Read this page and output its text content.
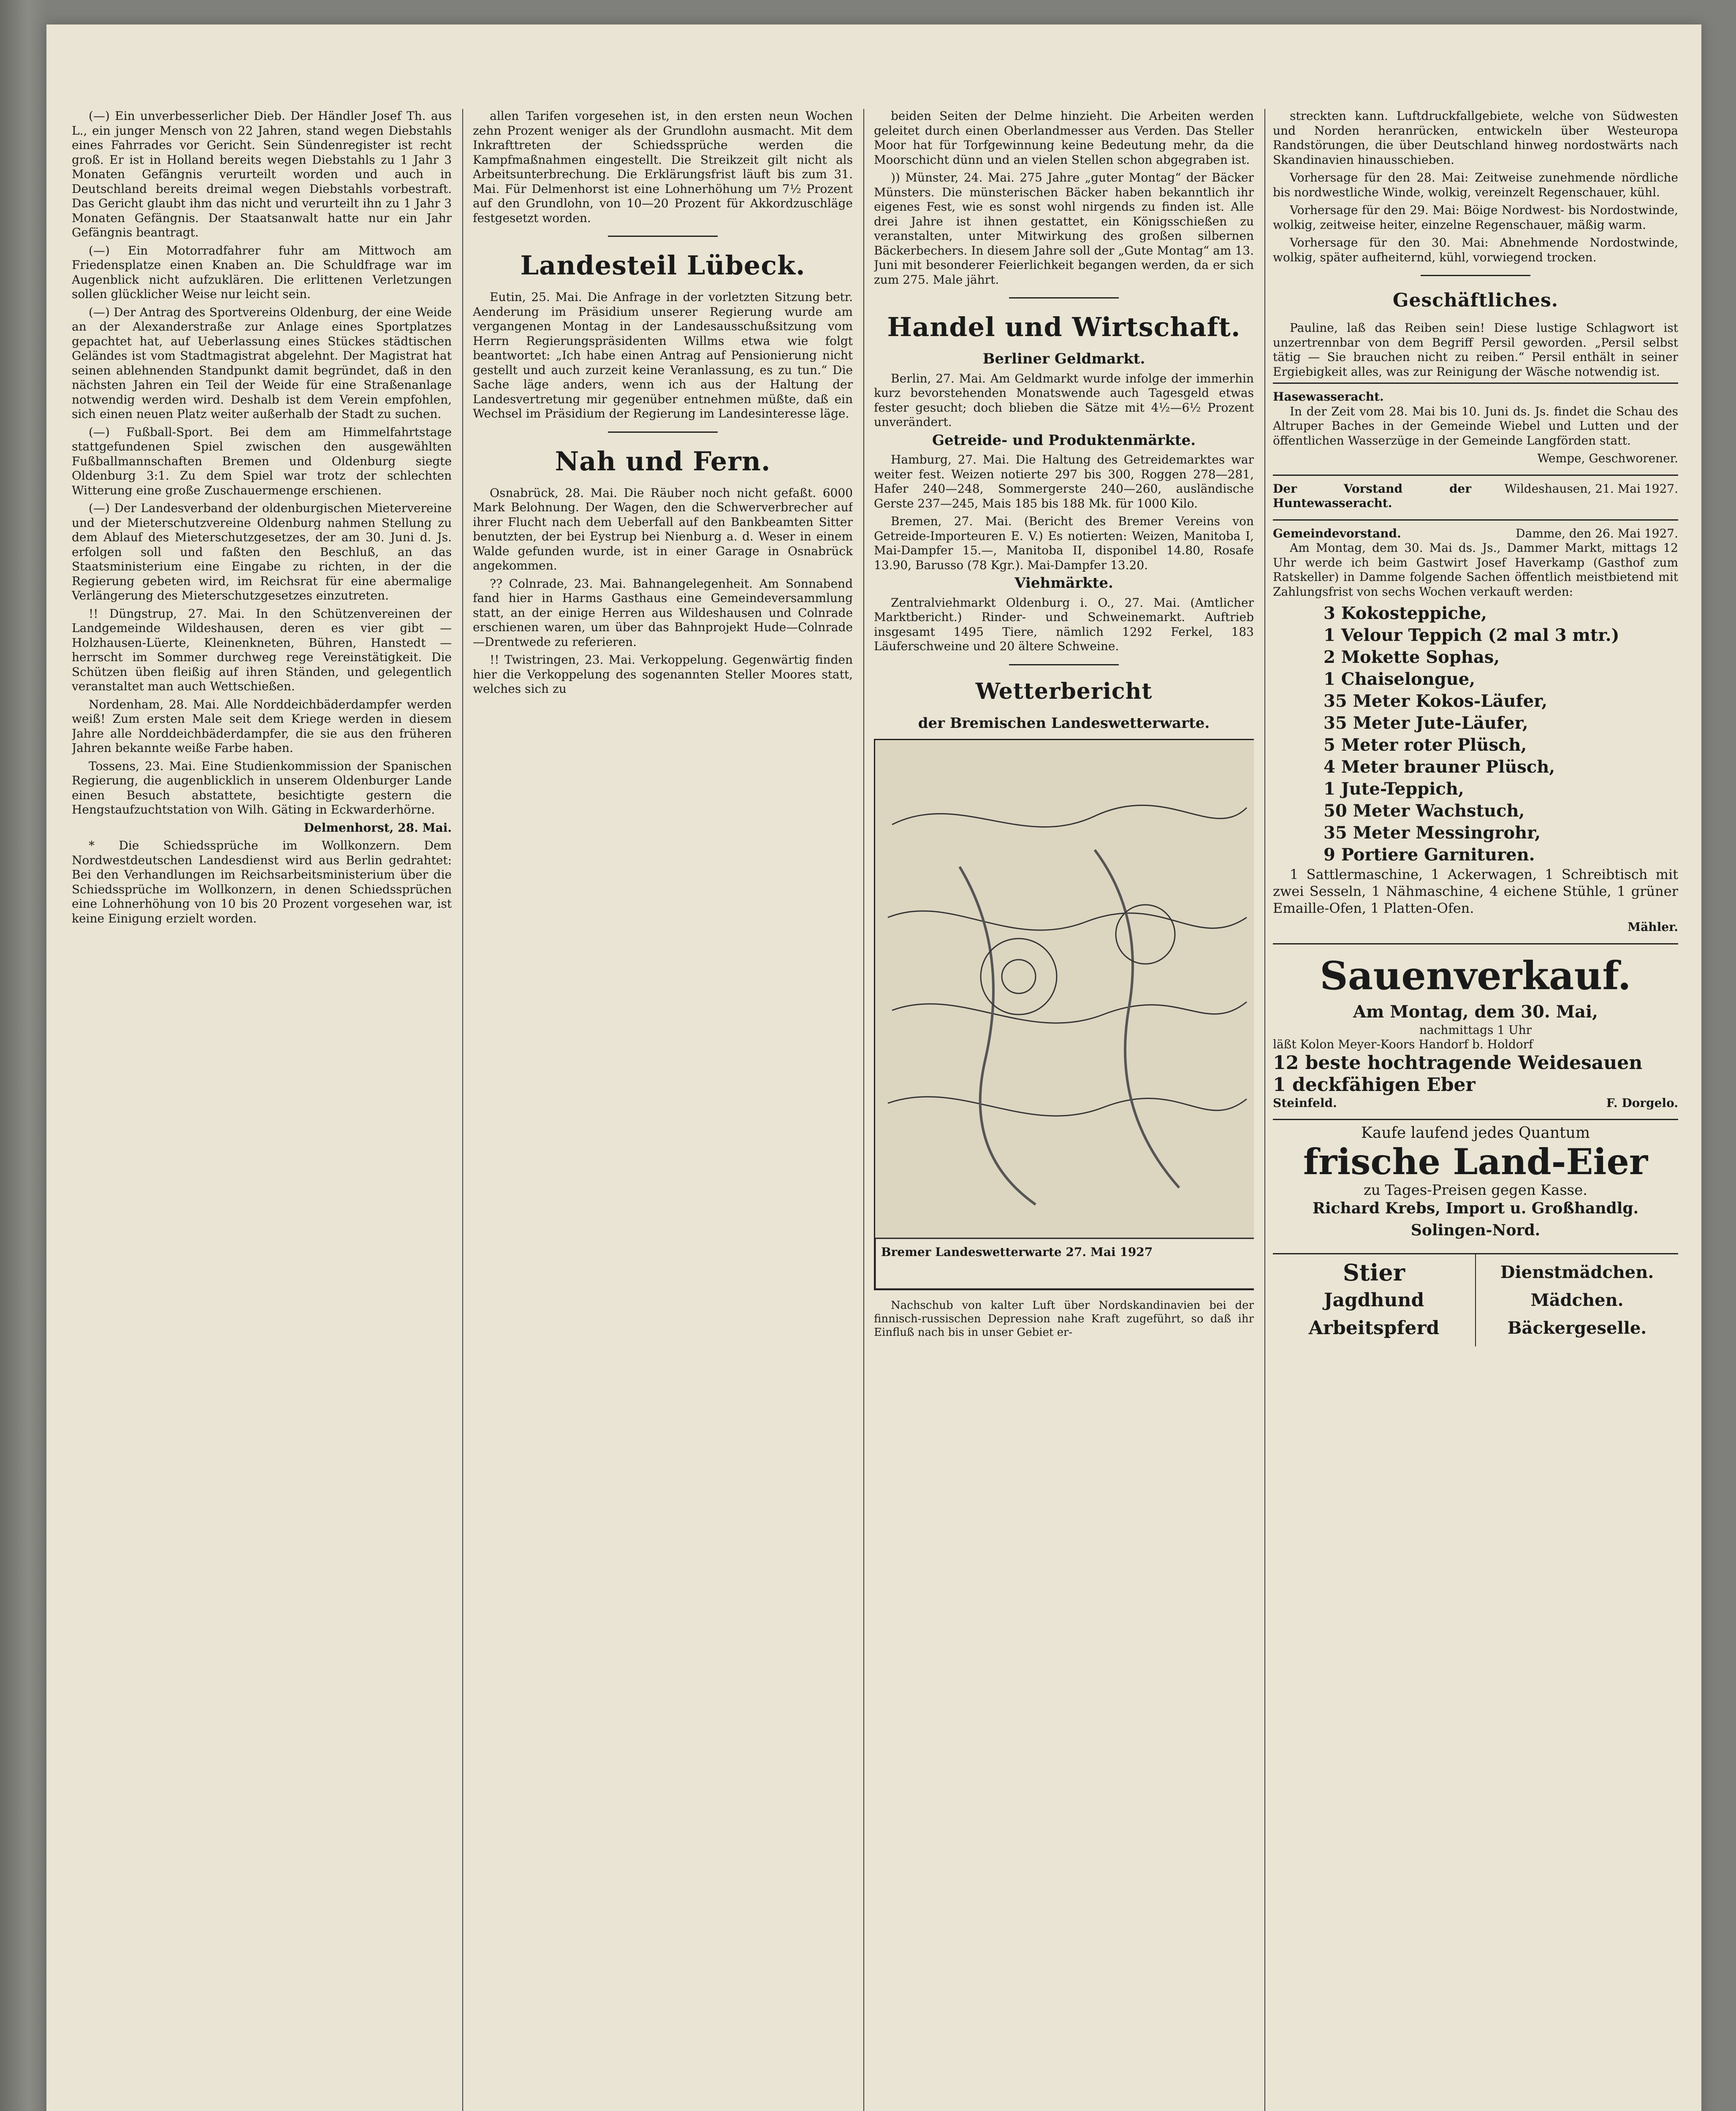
(—) Ein unverbesserlicher Dieb. Der Händler Josef Th. aus L., ein junger Mensch von 22 Jahren, stand wegen Diebstahls eines Fahrrades vor Gericht. Sein Sündenregister ist recht groß. Er ist in Holland bereits wegen Diebstahls zu 1 Jahr 3 Monaten Gefängnis verurteilt worden und auch in Deutschland bereits dreimal wegen Diebstahls vorbestraft. Das Gericht glaubt ihm das nicht und verurteilt ihn zu 1 Jahr 3 Monaten Gefängnis. Der Staatsanwalt hatte nur ein Jahr Gefängnis beantragt.

(—) Ein Motorradfahrer fuhr am Mittwoch am Friedensplatze einen Knaben an. Die Schuldfrage war im Augenblick nicht aufzuklären. Die erlittenen Verletzungen sollen glücklicher Weise nur leicht sein.

(—) Der Antrag des Sportvereins Oldenburg, der eine Weide an der Alexanderstraße zur Anlage eines Sportplatzes gepachtet hat, auf Ueberlassung eines Stückes städtischen Geländes ist vom Stadtmagistrat abgelehnt. Der Magistrat hat seinen ablehnenden Standpunkt damit begründet, daß in den nächsten Jahren ein Teil der Weide für eine Straßenanlage notwendig werden wird. Deshalb ist dem Verein empfohlen, sich einen neuen Platz weiter außerhalb der Stadt zu suchen.

(—) Fußball-Sport. Bei dem am Himmelfahrtstage stattgefundenen Spiel zwischen den ausgewählten Fußballmannschaften Bremen und Oldenburg siegte Oldenburg 3:1. Zu dem Spiel war trotz der schlechten Witterung eine große Zuschauermenge erschienen.

(—) Der Landesverband der oldenburgischen Mietervereine und der Mieterschutzvereine Oldenburg nahmen Stellung zu dem Ablauf des Mieterschutzgesetzes, der am 30. Juni d. Js. erfolgen soll und faßten den Beschluß, an das Staatsministerium eine Eingabe zu richten, in der die Regierung gebeten wird, im Reichsrat für eine abermalige Verlängerung des Mieterschutzgesetzes einzutreten.

!! Düngstrup, 27. Mai. In den Schützenvereinen der Landgemeinde Wildeshausen, deren es vier gibt — Holzhausen-Lüerte, Kleinenkneten, Bühren, Hanstedt — herrscht im Sommer durchweg rege Vereinstätigkeit. Die Schützen üben fleißig auf ihren Ständen, und gelegentlich veranstaltet man auch Wettschießen.

Nordenham, 28. Mai. Alle Norddeichbäderdampfer werden weiß! Zum ersten Male seit dem Kriege werden in diesem Jahre alle Norddeichbäderdampfer, die sie aus den früheren Jahren bekannte weiße Farbe haben.

Tossens, 23. Mai. Eine Studienkommission der Spanischen Regierung, die augenblicklich in unserem Oldenburger Lande einen Besuch abstattete, besichtigte gestern die Hengstaufzuchtstation von Wilh. Gäting in Eckwarderhörne.

Delmenhorst, 28. Mai.

* Die Schiedssprüche im Wollkonzern. Dem Nordwestdeutschen Landesdienst wird aus Berlin gedrahtet: Bei den Verhandlungen im Reichsarbeitsministerium über die Schiedssprüche im Wollkonzern, in denen Schiedssprüchen eine Lohnerhöhung von 10 bis 20 Prozent vorgesehen war, ist keine Einigung erzielt worden.

allen Tarifen vorgesehen ist, in den ersten neun Wochen zehn Prozent weniger als der Grundlohn ausmacht. Mit dem Inkrafttreten der Schiedssprüche werden die Kampfmaßnahmen eingestellt. Die Streikzeit gilt nicht als Arbeitsunterbrechung. Die Erklärungsfrist läuft bis zum 31. Mai. Für Delmenhorst ist eine Lohnerhöhung um 7½ Prozent auf den Grundlohn, von 10—20 Prozent für Akkordzuschläge festgesetzt worden.

Landesteil Lübeck.

Eutin, 25. Mai. Die Anfrage in der vorletzten Sitzung betr. Aenderung im Präsidium unserer Regierung wurde am vergangenen Montag in der Landesausschußsitzung vom Herrn Regierungspräsidenten Willms etwa wie folgt beantwortet: „Ich habe einen Antrag auf Pensionierung nicht gestellt und auch zurzeit keine Veranlassung, es zu tun.“ Die Sache läge anders, wenn ich aus der Haltung der Landesvertretung mir gegenüber entnehmen müßte, daß ein Wechsel im Präsidium der Regierung im Landesinteresse läge.

Nah und Fern.

Osnabrück, 28. Mai. Die Räuber noch nicht gefaßt. 6000 Mark Belohnung. Der Wagen, den die Schwerverbrecher auf ihrer Flucht nach dem Ueberfall auf den Bankbeamten Sitter benutzten, der bei Eystrup bei Nienburg a. d. Weser in einem Walde gefunden wurde, ist in einer Garage in Osnabrück angekommen.

?? Colnrade, 23. Mai. Bahnangelegenheit. Am Sonnabend fand hier in Harms Gasthaus eine Gemeindeversammlung statt, an der einige Herren aus Wildeshausen und Colnrade erschienen waren, um über das Bahnprojekt Hude—Colnrade—Drentwede zu referieren.

!! Twistringen, 23. Mai. Verkoppelung. Gegenwärtig finden hier die Verkoppelung des sogenannten Steller Moores statt, welches sich zu

beiden Seiten der Delme hinzieht. Die Arbeiten werden geleitet durch einen Oberlandmesser aus Verden. Das Steller Moor hat für Torfgewinnung keine Bedeutung mehr, da die Moorschicht dünn und an vielen Stellen schon abgegraben ist.

)) Münster, 24. Mai. 275 Jahre „guter Montag“ der Bäcker Münsters. Die münsterischen Bäcker haben bekanntlich ihr eigenes Fest, wie es sonst wohl nirgends zu finden ist. Alle drei Jahre ist ihnen gestattet, ein Königsschießen zu veranstalten, unter Mitwirkung des großen silbernen Bäckerbechers. In diesem Jahre soll der „Gute Montag“ am 13. Juni mit besonderer Feierlichkeit begangen werden, da er sich zum 275. Male jährt.

Handel und Wirtschaft.
Berliner Geldmarkt.

Berlin, 27. Mai. Am Geldmarkt wurde infolge der immerhin kurz bevorstehenden Monatswende auch Tagesgeld etwas fester gesucht; doch blieben die Sätze mit 4½—6½ Prozent unverändert.

Getreide- und Produktenmärkte.

Hamburg, 27. Mai. Die Haltung des Getreidemarktes war weiter fest. Weizen notierte 297 bis 300, Roggen 278—281, Hafer 240—248, Sommergerste 240—260, ausländische Gerste 237—245, Mais 185 bis 188 Mk. für 1000 Kilo.

Bremen, 27. Mai. (Bericht des Bremer Vereins von Getreide-Importeuren E. V.) Es notierten: Weizen, Manitoba I, Mai-Dampfer 15.—, Manitoba II, disponibel 14.80, Rosafe 13.90, Barusso (78 Kgr.). Mai-Dampfer 13.20.

Viehmärkte.

Zentralviehmarkt Oldenburg i. O., 27. Mai. (Amtlicher Marktbericht.) Rinder- und Schweinemarkt. Auftrieb insgesamt 1495 Tiere, nämlich 1292 Ferkel, 183 Läuferschweine und 20 ältere Schweine.

Wetterbericht
der Bremischen Landeswetterwarte.
Bremer Landeswetterwarte 27. Mai 1927

Nachschub von kalter Luft über Nordskandinavien bei der finnisch-russischen Depression nahe Kraft zugeführt, so daß ihr Einfluß nach bis in unser Gebiet er-

streckten kann. Luftdruckfallgebiete, welche von Südwesten und Norden heranrücken, entwickeln über Westeuropa Randstörungen, die über Deutschland hinweg nordostwärts nach Skandinavien hinausschieben.

Vorhersage für den 28. Mai: Zeitweise zunehmende nördliche bis nordwestliche Winde, wolkig, vereinzelt Regenschauer, kühl.

Vorhersage für den 29. Mai: Böige Nordwest- bis Nordostwinde, wolkig, zeitweise heiter, einzelne Regenschauer, mäßig warm.

Vorhersage für den 30. Mai: Abnehmende Nordostwinde, wolkig, später aufheiternd, kühl, vorwiegend trocken.

Geschäftliches.

Pauline, laß das Reiben sein! Diese lustige Schlagwort ist unzertrennbar von dem Begriff Persil geworden. „Persil selbst tätig — Sie brauchen nicht zu reiben.“ Persil enthält in seiner Ergiebigkeit alles, was zur Reinigung der Wäsche notwendig ist.

Hasewasseracht.

In der Zeit vom 28. Mai bis 10. Juni ds. Js. findet die Schau des Altruper Baches in der Gemeinde Wiebel und Lutten und der öffentlichen Wasserzüge in der Gemeinde Langförden statt.

Wempe, Geschworener.
Der Vorstand der Huntewasseracht.
Wildeshausen, 21. Mai 1927.
Gemeindevorstand.	Damme, den 26. Mai 1927.

Am Montag, dem 30. Mai ds. Js., Dammer Markt, mittags 12 Uhr werde ich beim Gastwirt Josef Haverkamp (Gasthof zum Ratskeller) in Damme folgende Sachen öffentlich meistbietend mit Zahlungsfrist von sechs Wochen verkauft werden:

3 Kokosteppiche,
1 Velour Teppich (2 mal 3 mtr.)
2 Mokette Sophas,
1 Chaiselongue,
35 Meter Kokos-Läufer,
35 Meter Jute-Läufer,
5 Meter roter Plüsch,
4 Meter brauner Plüsch,
1 Jute-Teppich,
50 Meter Wachstuch,
35 Meter Messingrohr,
9 Portiere Garnituren.

1 Sattlermaschine, 1 Ackerwagen, 1 Schreibtisch mit zwei Sesseln, 1 Nähmaschine, 4 eichene Stühle, 1 grüner Emaille-Ofen, 1 Platten-Ofen.

Mähler.
Sauenverkauf.
Am Montag, dem 30. Mai,
nachmittags 1 Uhr
läßt Kolon Meyer-Koors Handorf b. Holdorf
12 beste hochtragende Weidesauen
1 deckfähigen Eber
Steinfeld.	F. Dorgelo.
Kaufe laufend jedes Quantum
frische Land-Eier
zu Tages-Preisen gegen Kasse.
Richard Krebs, Import u. Großhandlg.
Solingen-Nord.
Stier
Jagdhund
Arbeitspferd
Dienstmädchen.
Mädchen.
Bäckergeselle.
